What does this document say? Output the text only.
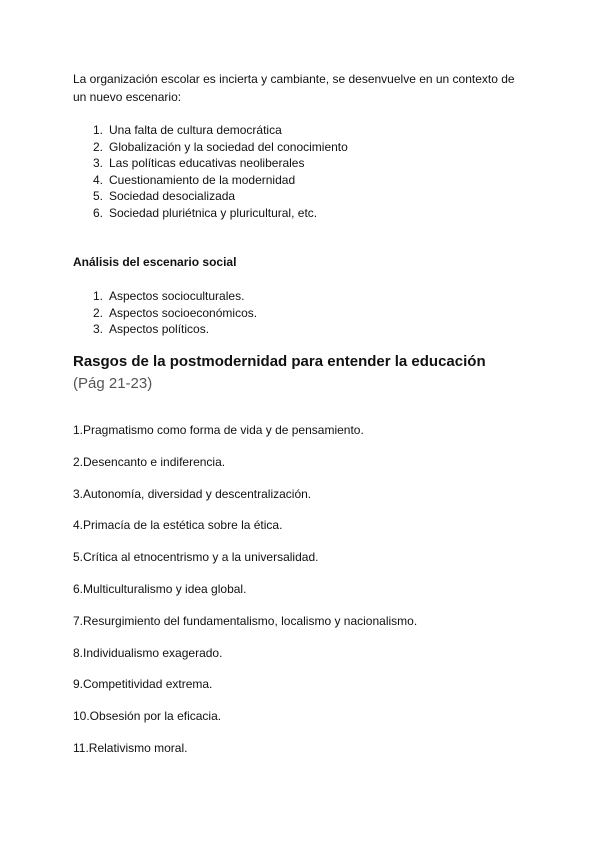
La organización escolar es incierta y cambiante, se desenvuelve en un contexto de
un nuevo escenario:

1. Una falta de cultura democrática
2. Globalización y la sociedad del conocimiento
3. Las políticas educativas neoliberales
4. Cuestionamiento de la modernidad
5. Sociedad desocializada
6. Sociedad pluriétnica y pluricultural, etc.
Análisis del escenario social
1. Aspectos socioculturales.
2. Aspectos socioeconómicos.
3. Aspectos políticos.
Rasgos de la postmodernidad para entender la educación (Pág 21-23)
1.Pragmatismo como forma de vida y de pensamiento.
2.Desencanto e indiferencia.
3.Autonomía, diversidad y descentralización.
4.Primacía de la estética sobre la ética.
5.Crítica al etnocentrismo y a la universalidad.
6.Multiculturalismo y idea global.
7.Resurgimiento del fundamentalismo, localismo y nacionalismo.
8.Individualismo exagerado.
9.Competitividad extrema.
10.Obsesión por la eficacia.
11.Relativismo moral.
